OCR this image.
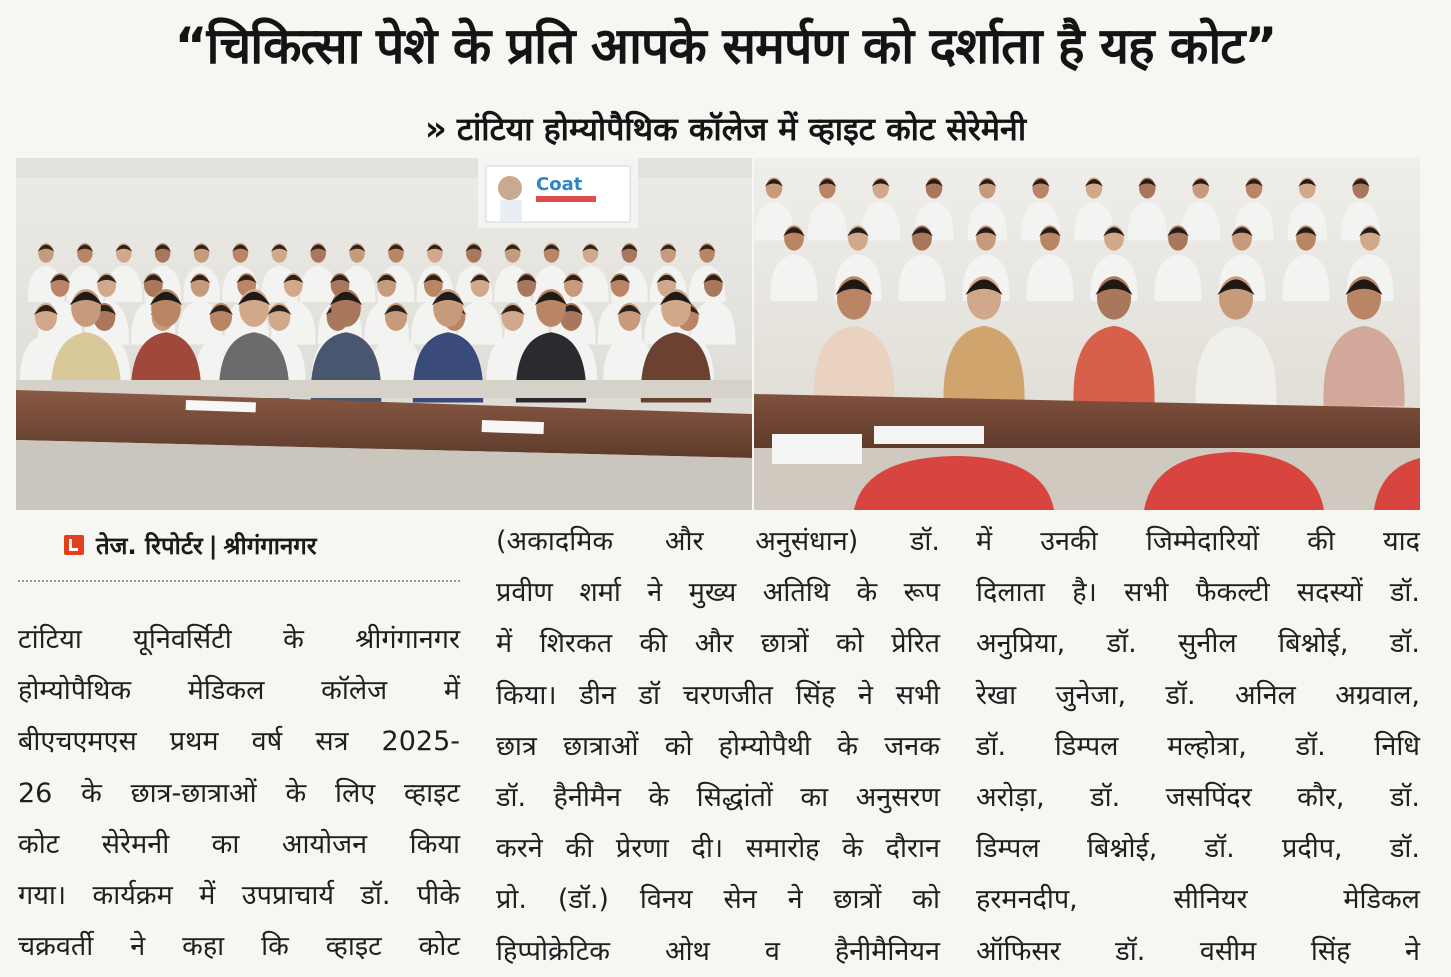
“चिकित्सा पेशे के प्रति आपके समर्पण को दर्शाता है यह कोट”
» टांटिया होम्योपैथिक कॉलेज में व्हाइट कोट सेरेमेनी
Coat
तेज. रिपोर्टर | श्रीगंगानगर
टांटिया यूनिवर्सिटी के श्रीगंगानगर
होम्योपैथिक मेडिकल कॉलेज में
बीएचएमएस प्रथम वर्ष सत्र 2025-
26 के छात्र-छात्राओं के लिए व्हाइट
कोट सेरेमनी का आयोजन किया
गया। कार्यक्रम में उपप्राचार्य डॉ. पीके
चक्रवर्ती ने कहा कि व्हाइट कोट
(अकादमिक और अनुसंधान) डॉ.
प्रवीण शर्मा ने मुख्य अतिथि के रूप
में शिरकत की और छात्रों को प्रेरित
किया। डीन डॉ चरणजीत सिंह ने सभी
छात्र छात्राओं को होम्योपैथी के जनक
डॉ. हैनीमैन के सिद्धांतों का अनुसरण
करने की प्रेरणा दी। समारोह के दौरान
प्रो. (डॉ.) विनय सेन ने छात्रों को
हिप्पोक्रेटिक ओथ व हैनीमैनियन
में उनकी जिम्मेदारियों की याद
दिलाता है। सभी फैकल्टी सदस्यों डॉ.
अनुप्रिया, डॉ. सुनील बिश्नोई, डॉ.
रेखा जुनेजा, डॉ. अनिल अग्रवाल,
डॉ. डिम्पल मल्होत्रा, डॉ. निधि
अरोड़ा, डॉ. जसपिंदर कौर, डॉ.
डिम्पल बिश्नोई, डॉ. प्रदीप, डॉ.
हरमनदीप, सीनियर मेडिकल
ऑफिसर डॉ. वसीम सिंह ने
